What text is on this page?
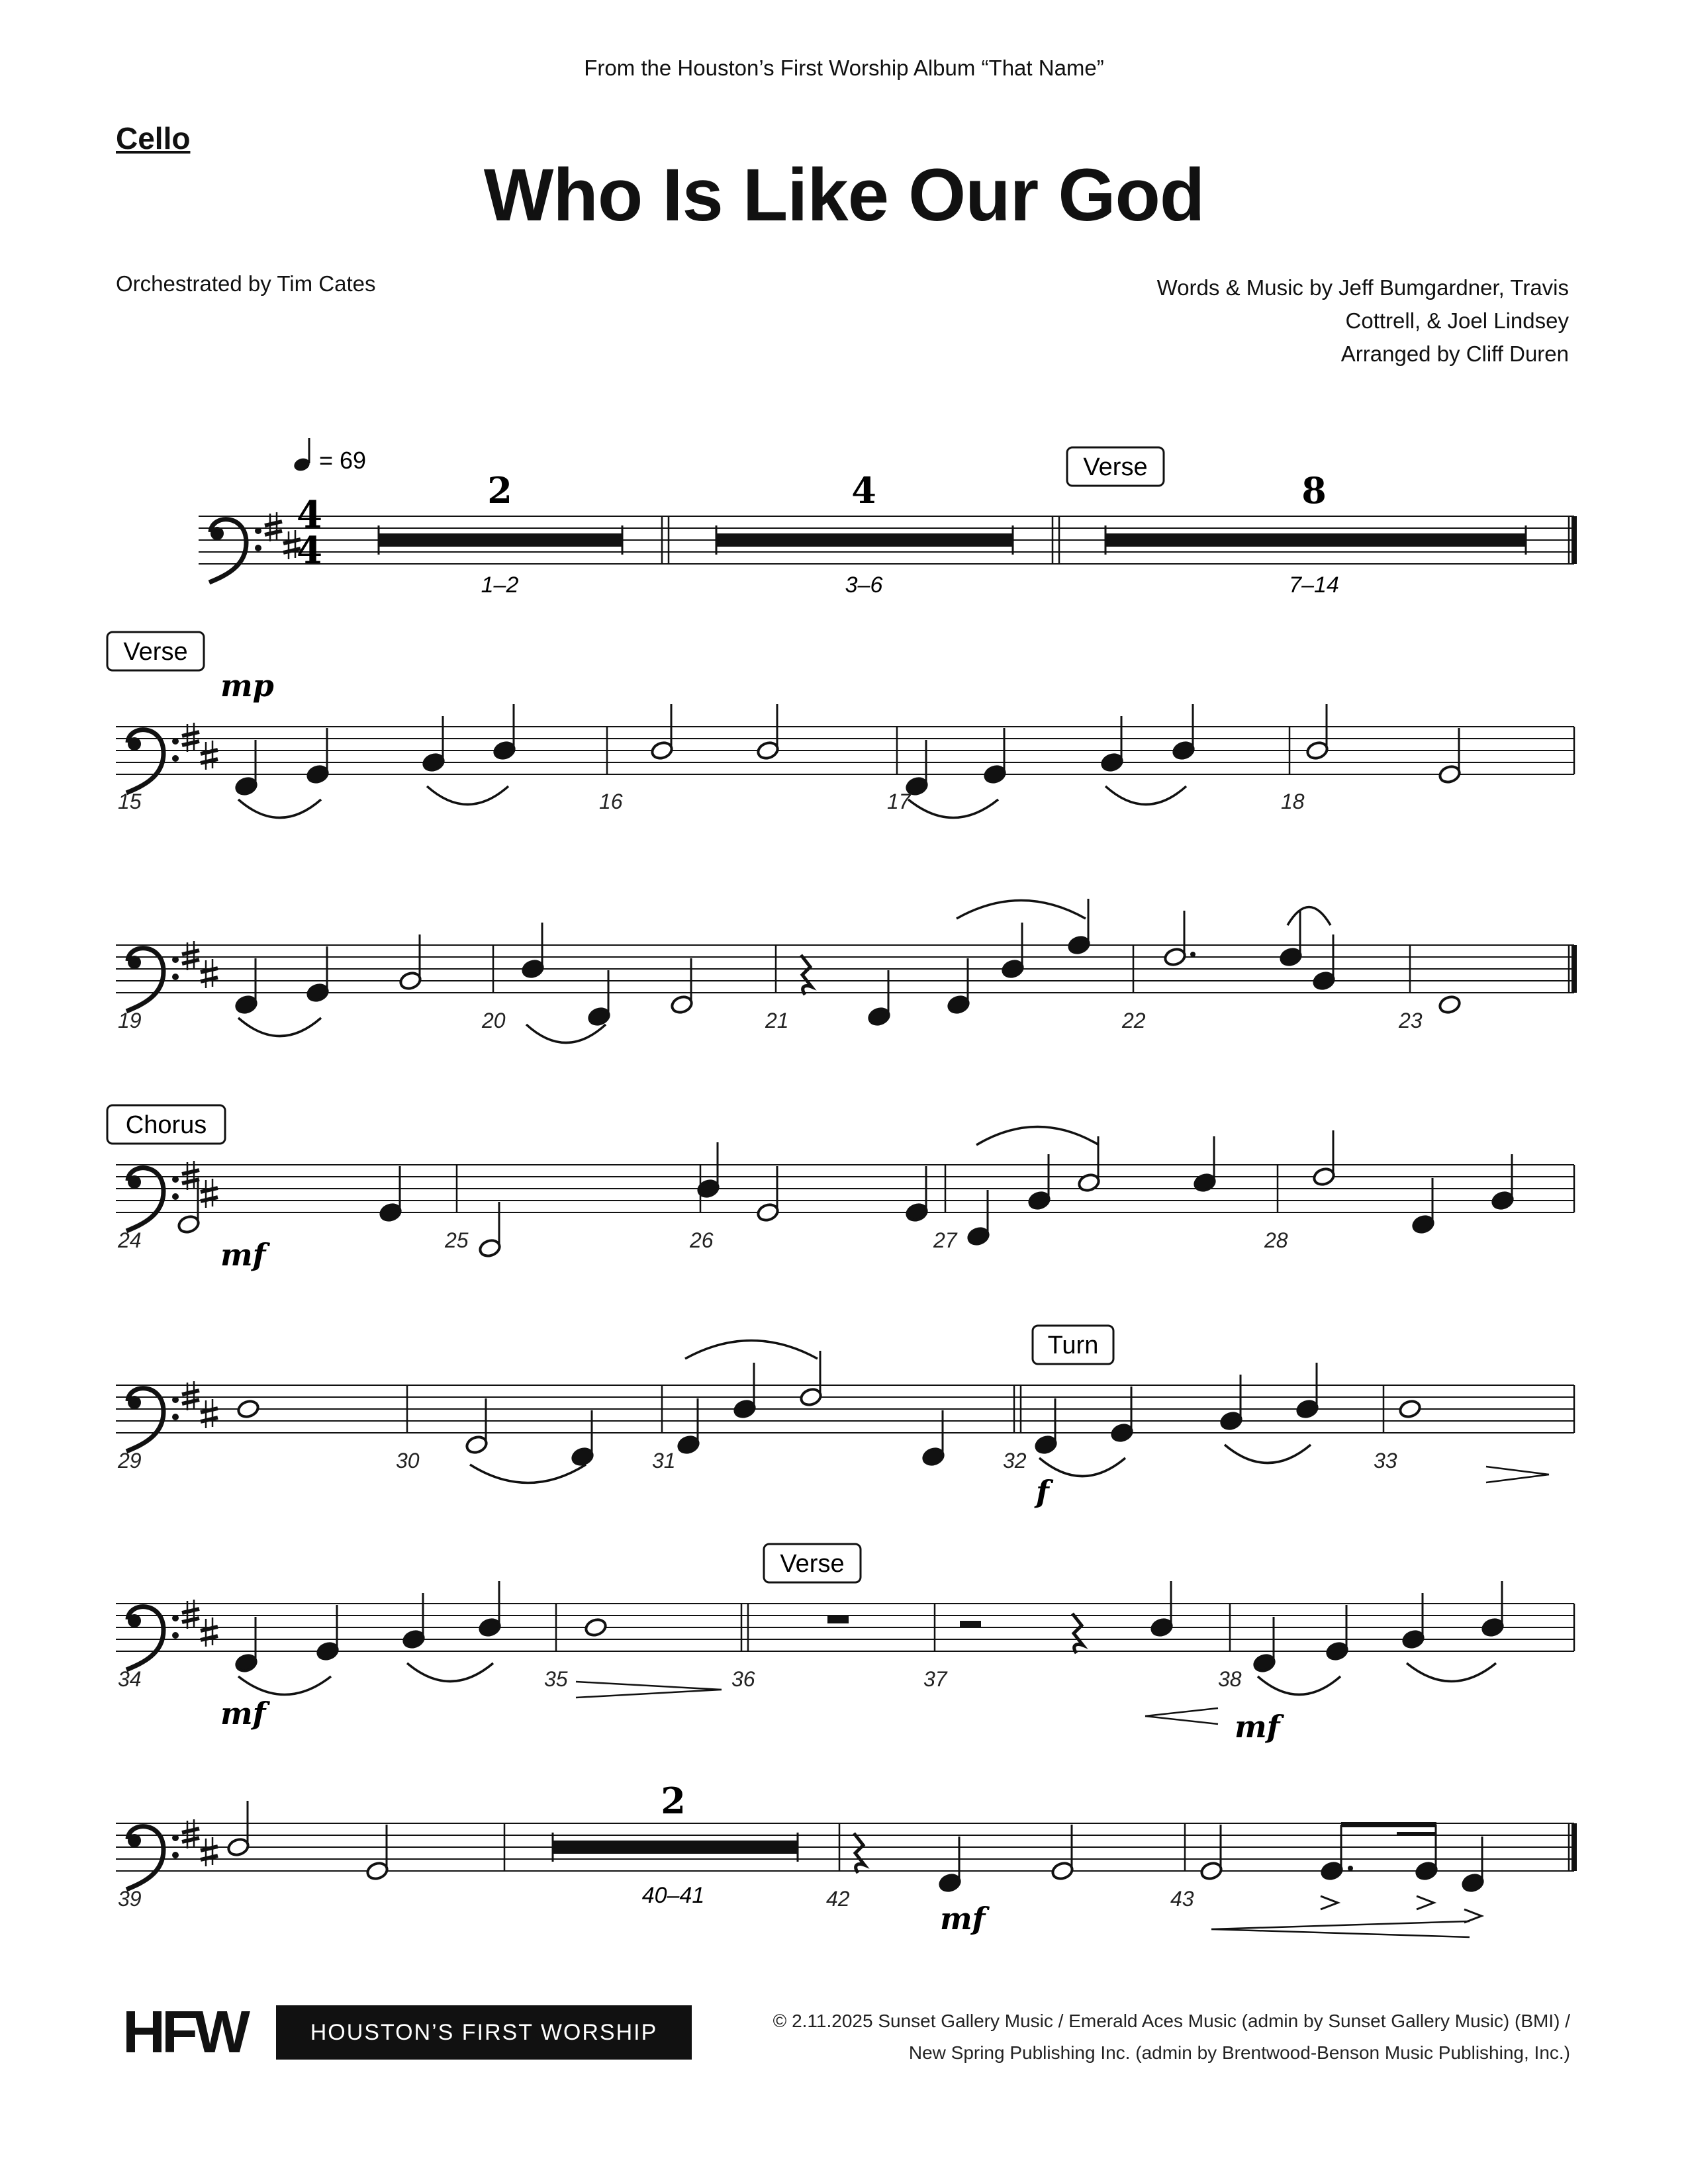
From the Houston’s First Worship Album “That Name”
Cello
Who Is Like Our God
Orchestrated by Tim Cates	Words & Music by Jeff Bumgardner, Travis
Cottrell, & Joel Lindsey
Arranged by Cliff Duren
= 69
4
4
Verse
Verse
Chorus
Turn
Verse
2
1–2
4
3–6
8
7–14
2
40–41
15	16	17	18
19	20	21	22	23
24	25	26	27	28
29	30	31	32	33
34	35	36	37	38
39	42	43
mp
mf
f
mf	mf
mf
HFW	HOUSTON’S FIRST WORSHIP	© 2.11.2025 Sunset Gallery Music / Emerald Aces Music (admin by Sunset Gallery Music) (BMI) /
New Spring Publishing Inc. (admin by Brentwood-Benson Music Publishing, Inc.)
